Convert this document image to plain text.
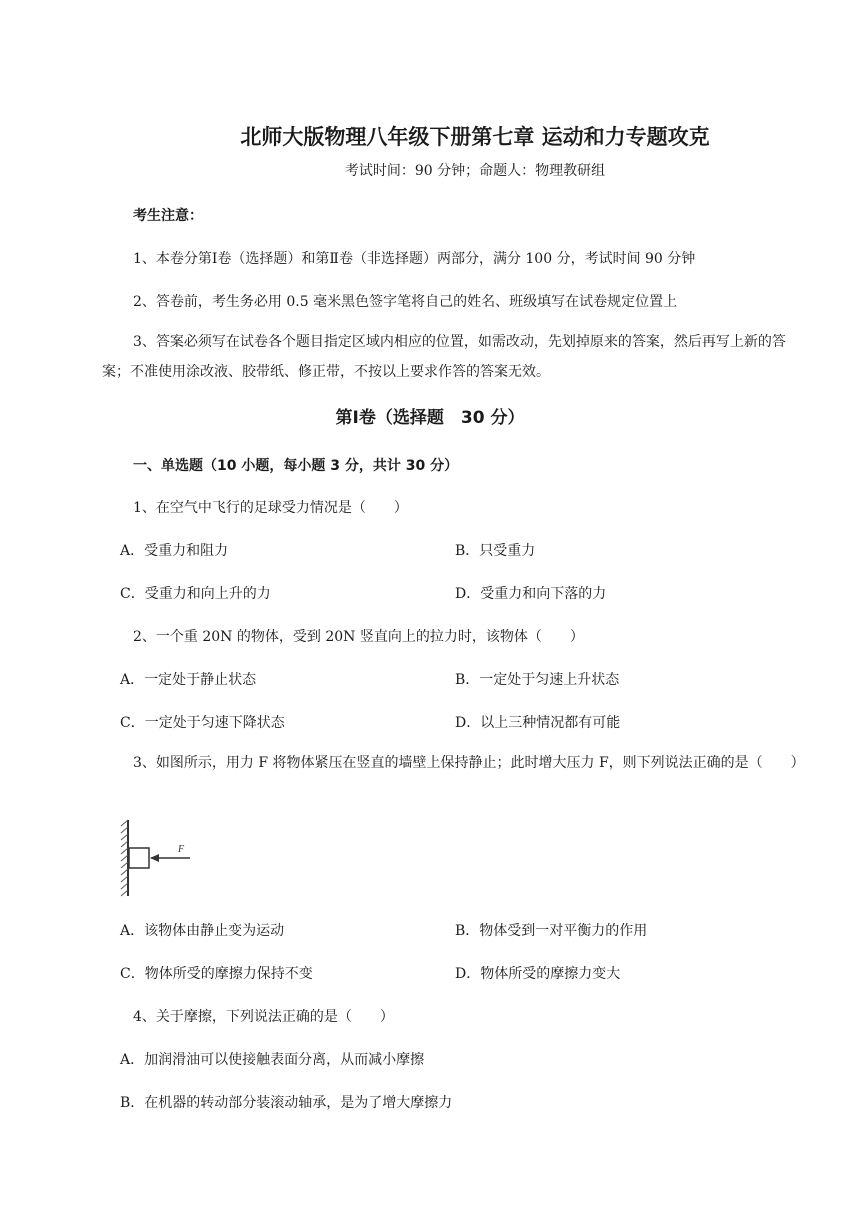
北师大版物理八年级下册第七章 运动和力专题攻克
考试时间：90 分钟；命题人：物理教研组
考生注意：
1、本卷分第Ⅰ卷（选择题）和第Ⅱ卷（非选择题）两部分，满分 100 分，考试时间 90 分钟
2、答卷前，考生务必用 0.5 毫米黑色签字笔将自己的姓名、班级填写在试卷规定位置上
3、答案必须写在试卷各个题目指定区域内相应的位置，如需改动，先划掉原来的答案，然后再写上新的答案；不准使用涂改液、胶带纸、修正带，不按以上要求作答的答案无效。
第Ⅰ卷（选择题　30 分）
一、单选题（10 小题，每小题 3 分，共计 30 分）
1、在空气中飞行的足球受力情况是（　　）
A．受重力和阻力	B．只受重力
C．受重力和向上升的力	D．受重力和向下落的力
2、一个重 20N 的物体，受到 20N 竖直向上的拉力时，该物体（　　）
A．一定处于静止状态	B．一定处于匀速上升状态
C．一定处于匀速下降状态	D．以上三种情况都有可能
3、如图所示，用力 F 将物体紧压在竖直的墙壁上保持静止；此时增大压力 F，则下列说法正确的是（　　）
F
A．该物体由静止变为运动	B．物体受到一对平衡力的作用
C．物体所受的摩擦力保持不变	D．物体所受的摩擦力变大
4、关于摩擦，下列说法正确的是（　　）
A．加润滑油可以使接触表面分离，从而减小摩擦
B．在机器的转动部分装滚动轴承，是为了增大摩擦力
